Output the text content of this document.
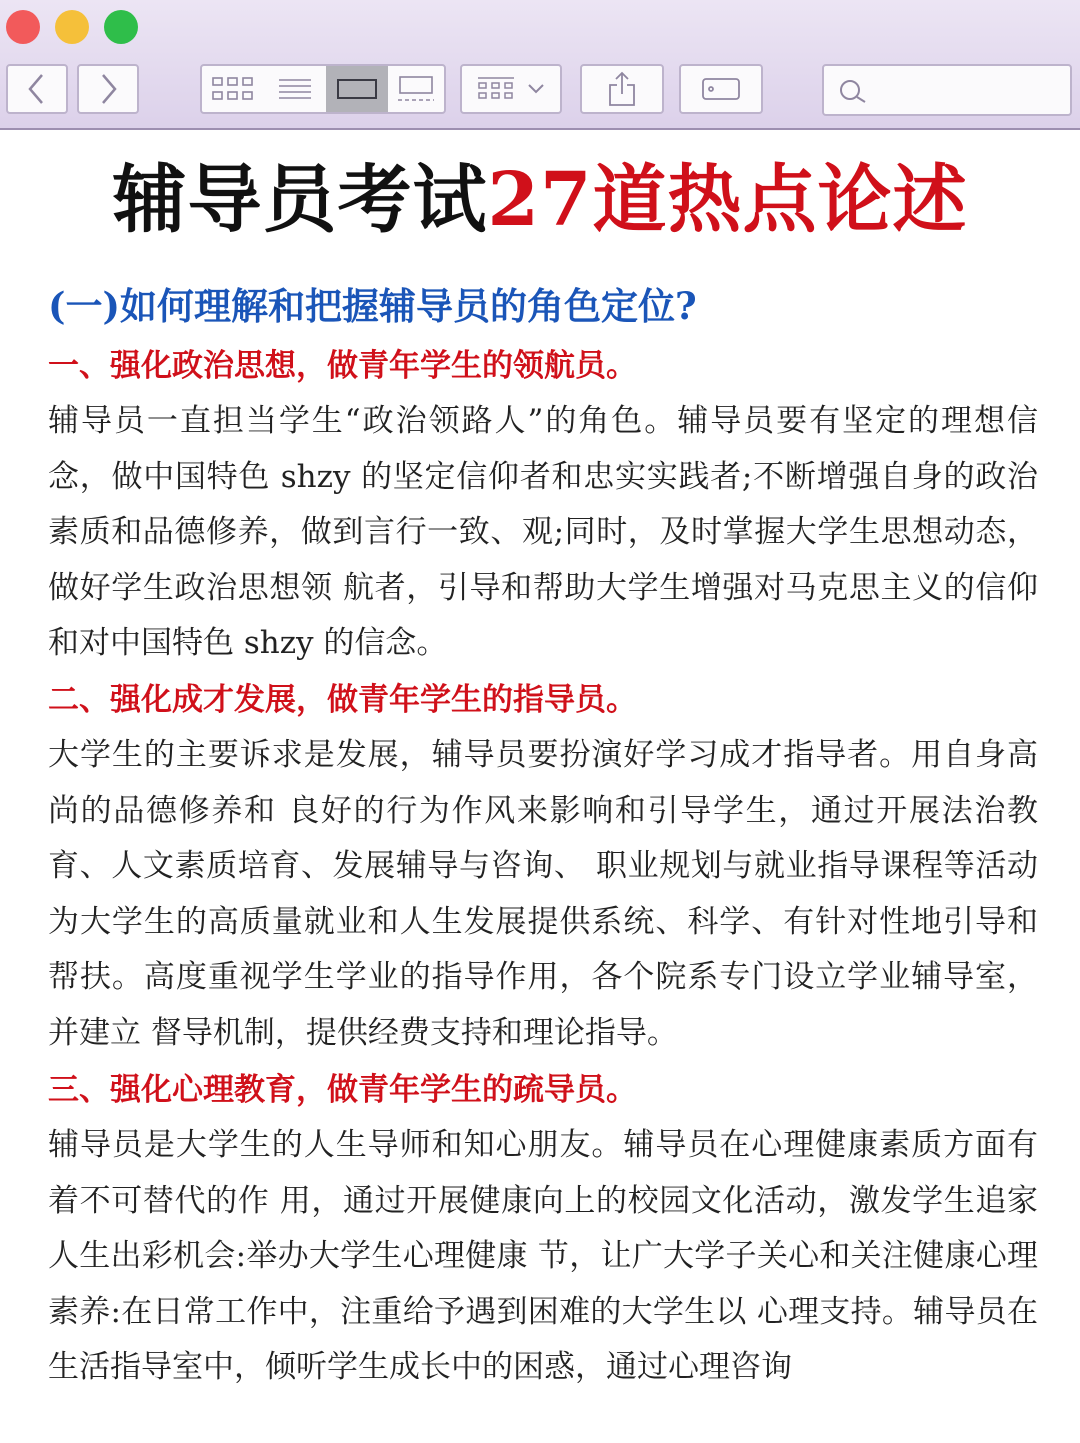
辅导员考试27道热点论述
(一)如何理解和把握辅导员的角色定位?
一、强化政治思想，做青年学生的领航员。
辅导员一直担当学生“政治领路人”的角色。辅导员要有坚定的理想信念，做中国特色 shzy 的坚定信仰者和忠实实践者;不断增强自身的政治素质和品德修养，做到言行一致、观;同时，及时掌握大学生思想动态，做好学生政治思想领 航者，引导和帮助大学生增强对马克思主义的信仰和对中国特色 shzy 的信念。
二、强化成才发展，做青年学生的指导员。
大学生的主要诉求是发展，辅导员要扮演好学习成才指导者。用自身高尚的品德修养和 良好的行为作风来影响和引导学生，通过开展法治教育、人文素质培育、发展辅导与咨询、 职业规划与就业指导课程等活动为大学生的高质量就业和人生发展提供系统、科学、有针对性地引导和帮扶。高度重视学生学业的指导作用，各个院系专门设立学业辅导室，并建立 督导机制，提供经费支持和理论指导。
三、强化心理教育，做青年学生的疏导员。
辅导员是大学生的人生导师和知心朋友。辅导员在心理健康素质方面有着不可替代的作 用，通过开展健康向上的校园文化活动，激发学生追家人生出彩机会:举办大学生心理健康 节，让广大学子关心和关注健康心理素养:在日常工作中，注重给予遇到困难的大学生以 心理支持。辅导员在生活指导室中，倾听学生成长中的困惑，通过心理咨询
